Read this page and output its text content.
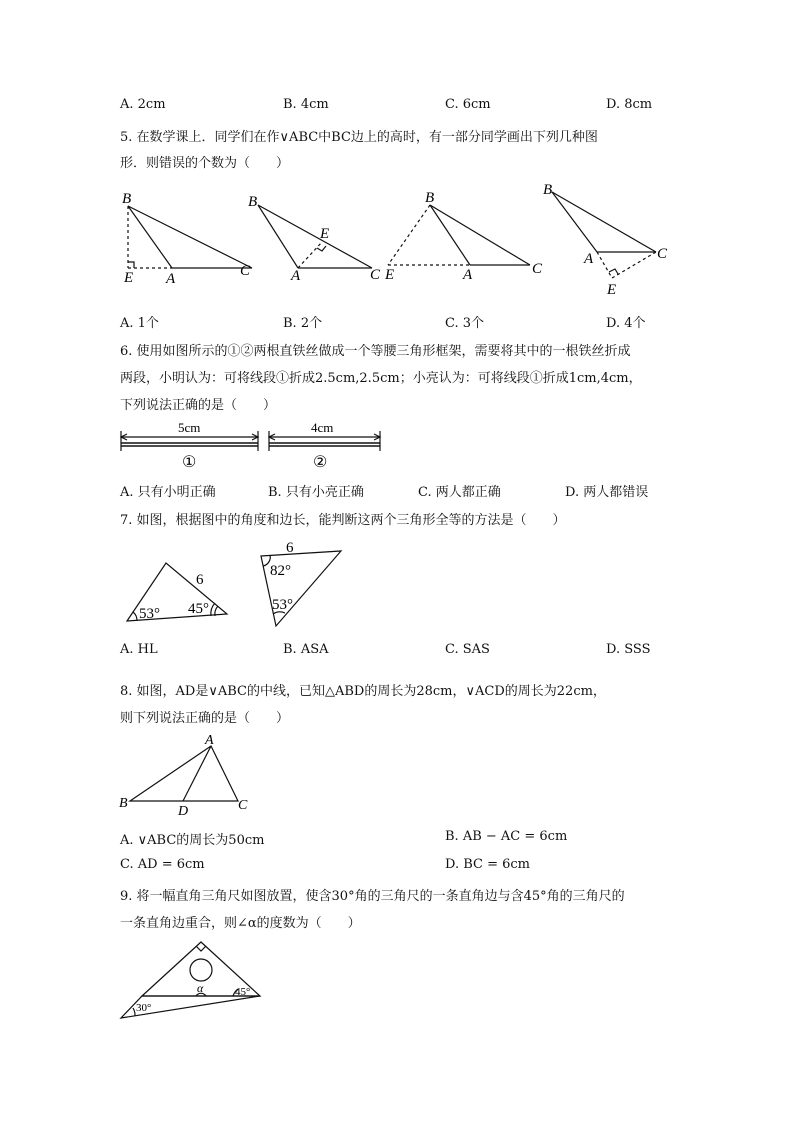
A. 2cm	B. 4cm	C. 6cm	D. 8cm
5. 在数学课上．同学们在作∨ABC中BC边上的高时，有一部分同学画出下列几种图
形．则错误的个数为（　　）
B
E A	C
B
E
A	C
B
E	A	C
B
A	C
E
A. 1个	B. 2个	C. 3个	D. 4个
6. 使用如图所示的①②两根直铁丝做成一个等腰三角形框架，需要将其中的一根铁丝折成
两段，小明认为：可将线段①折成2.5cm,2.5cm；小亮认为：可将线段①折成1cm,4cm，
下列说法正确的是（　　）
5cm	4cm
①	②
A. 只有小明正确	B. 只有小亮正确	C. 两人都正确	D. 两人都错误
7. 如图，根据图中的角度和边长，能判断这两个三角形全等的方法是（　　）
6
53° 45°
6
82°
53°
A. HL	B. ASA	C. SAS	D. SSS
8. 如图，AD是∨ABC的中线，已知△ABD的周长为28cm，∨ACD的周长为22cm，
则下列说法正确的是（　　）
A
B
D	C
A. ∨ABC的周长为50cm	B. AB − AC = 6cm
C. AD = 6cm	D. BC = 6cm
9. 将一幅直角三角尺如图放置，使含30°角的三角尺的一条直角边与含45°角的三角尺的
一条直角边重合，则∠α的度数为（　　）
30°
45°
α
